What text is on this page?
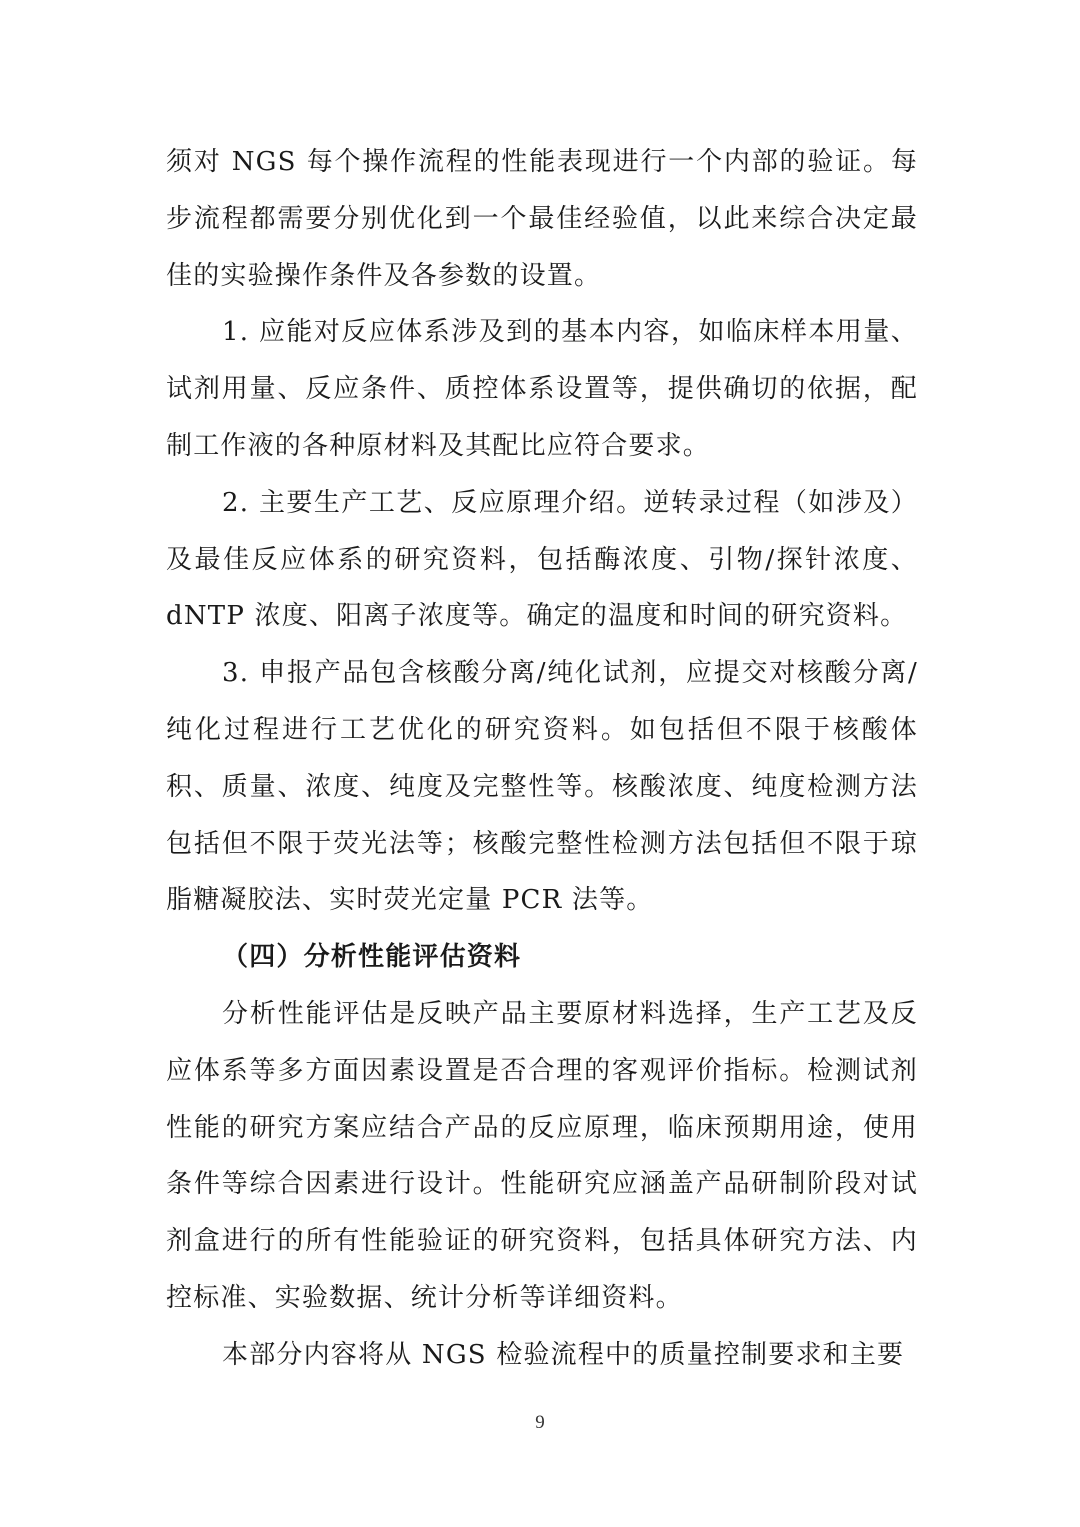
须对 NGS 每个操作流程的性能表现进行一个内部的验证。每步流程都需要分别优化到一个最佳经验值，以此来综合决定最佳的实验操作条件及各参数的设置。

1. 应能对反应体系涉及到的基本内容，如临床样本用量、试剂用量、反应条件、质控体系设置等，提供确切的依据，配制工作液的各种原材料及其配比应符合要求。

2. 主要生产工艺、反应原理介绍。逆转录过程（如涉及）及最佳反应体系的研究资料，包括酶浓度、引物/探针浓度、dNTP 浓度、阳离子浓度等。确定的温度和时间的研究资料。

3. 申报产品包含核酸分离/纯化试剂，应提交对核酸分离/纯化过程进行工艺优化的研究资料。如包括但不限于核酸体积、质量、浓度、纯度及完整性等。核酸浓度、纯度检测方法包括但不限于荧光法等；核酸完整性检测方法包括但不限于琼脂糖凝胶法、实时荧光定量 PCR 法等。

（四）分析性能评估资料

分析性能评估是反映产品主要原材料选择，生产工艺及反应体系等多方面因素设置是否合理的客观评价指标。检测试剂性能的研究方案应结合产品的反应原理，临床预期用途，使用条件等综合因素进行设计。性能研究应涵盖产品研制阶段对试剂盒进行的所有性能验证的研究资料，包括具体研究方法、内控标准、实验数据、统计分析等详细资料。

本部分内容将从 NGS 检验流程中的质量控制要求和主要

9
